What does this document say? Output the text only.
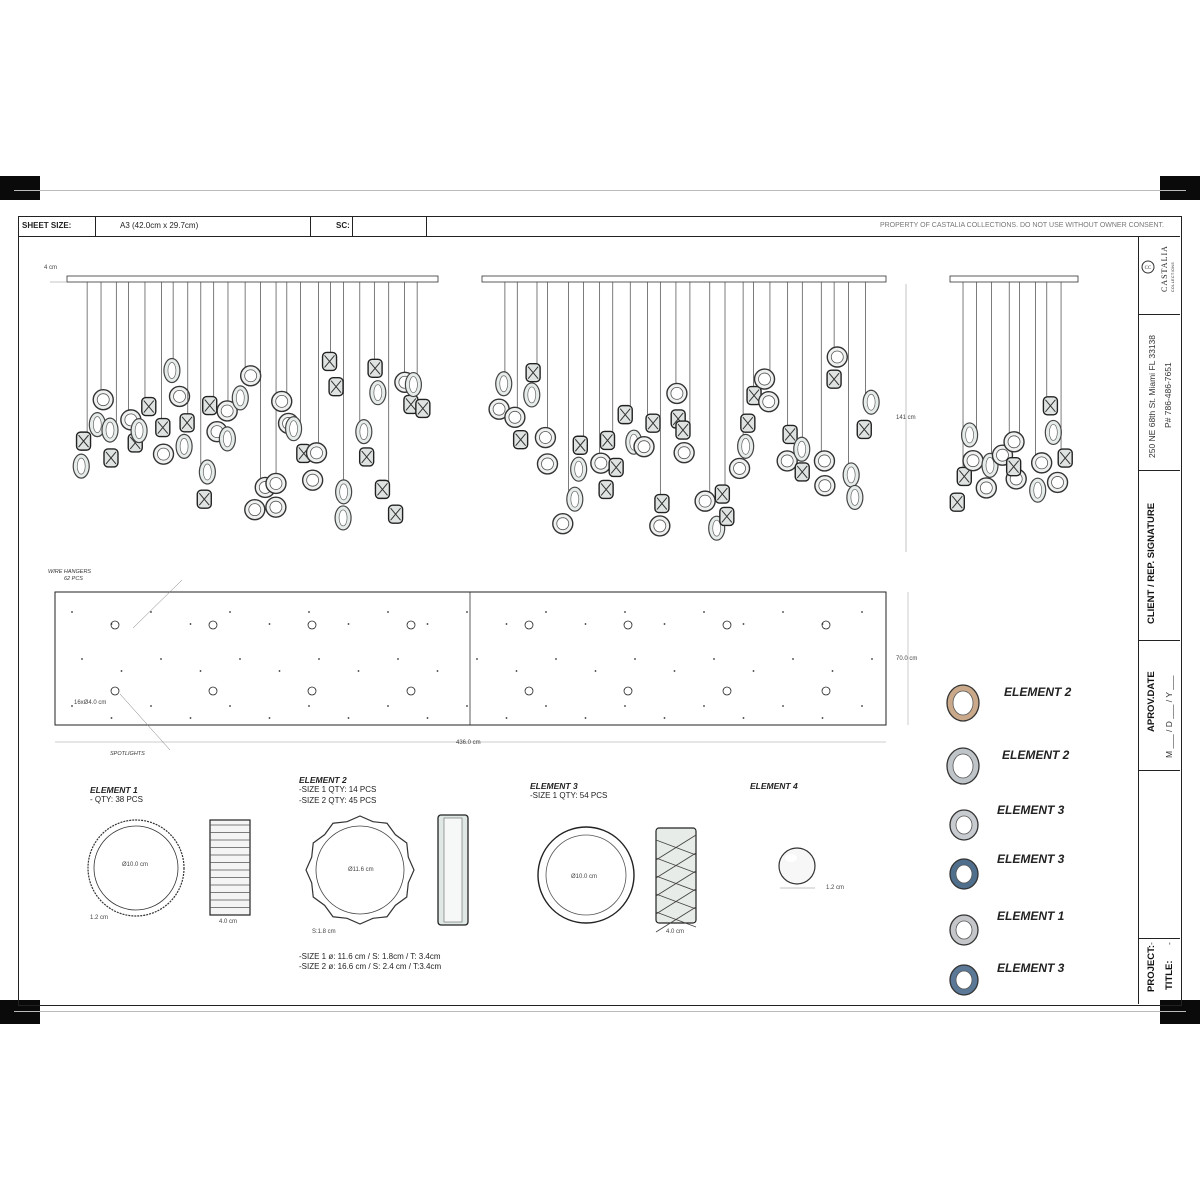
SHEET SIZE:	A3 (42.0cm x 29.7cm)	SC:	PROPERTY OF CASTALIA COLLECTIONS. DO NOT USE WITHOUT OWNER CONSENT.
CC CASTALIA COLLECTIONS
250 NE 68th St. Miami FL 33138 P# 786-486-7651
CLIENT / REP. SIGNATURE
APROV.DATE M ___ / D ___ / Y ___
PROJECT:
-
TITLE:
-
4 cm
141 cm
WIRE HANGERS
62 PCS
16xØ4.0 cm
SPOTLIGHTS
436.0 cm
70.0 cm
ELEMENT 1
- QTY: 38 PCS
ELEMENT 2
-SIZE 1 QTY: 14 PCS
-SIZE 2 QTY: 45 PCS
ELEMENT 3
-SIZE 1 QTY: 54 PCS
ELEMENT 4
Ø10.0 cm
1.2 cm
4.0 cm
Ø11.6 cm
S:1.8 cm
Ø10.0 cm
4.0 cm
1.2 cm
-SIZE 1 ø: 11.6 cm / S: 1.8cm / T: 3.4cm
-SIZE 2 ø: 16.6 cm / S: 2.4 cm / T:3.4cm
ELEMENT 2
ELEMENT 2
ELEMENT 3
ELEMENT 3
ELEMENT 1
ELEMENT 3
